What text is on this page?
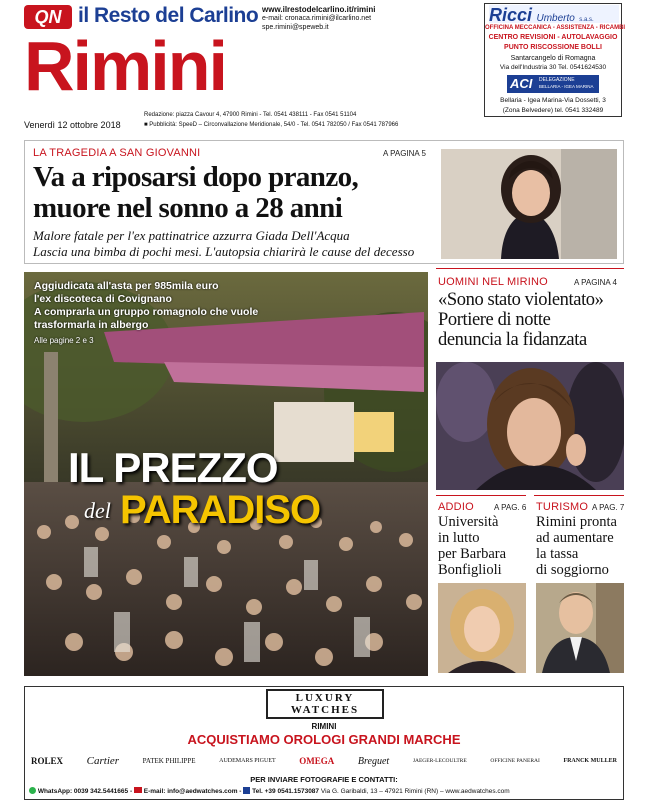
QN il Resto del Carlino www.ilrestodelcarlino.it/rimini
e-mail: cronaca.rimini@ilcarlino.net
spe.rimini@speweb.it
Rimini
Venerdì 12 ottobre 2018
Redazione: piazza Cavour 4, 47900 Rimini - Tel. 0541 438111 - Fax 0541 51104
■ Pubblicità: SpeeD – Circonvallazione Meridionale, 54/0 - Tel. 0541 782050 / Fax 0541 787966
Ricci Umberto s.a.s.
OFFICINA MECCANICA - ASSISTENZA - RICAMBI
CENTRO REVISIONI - AUTOLAVAGGIO
PUNTO RISCOSSIONE BOLLI
Santarcangelo di Romagna
Via dell'Industria 30 Tel. 0541624530
ACI DELEGAZIONE
BELLARIA - IGEA MARINA
Bellaria - Igea Marina-Via Dossetti, 3
(Zona Belvedere) tel. 0541 332489
LA TRAGEDIA A SAN GIOVANNI	A PAGINA 5
Va a riposarsi dopo pranzo,
muore nel sonno a 28 anni
Malore fatale per l'ex pattinatrice azzurra Giada Dell'Acqua
Lascia una bimba di pochi mesi. L'autopsia chiarirà le cause del decesso
Aggiudicata all'asta per 985mila euro
l'ex discoteca di Covignano
A comprarla un gruppo romagnolo che vuole
trasformarla in albergo
Alle pagine 2 e 3
IL PREZZO
del PARADISO
UOMINI NEL MIRINO	A PAGINA 4
«Sono stato violentato»
Portiere di notte
denuncia la fidanzata
ADDIO	A PAG. 6
Università
in lutto
per Barbara
Bonfiglioli
TURISMO A PAG. 7
Rimini pronta
ad aumentare
la tassa
di soggiorno
LUXURY
WATCHES
RIMINI
ACQUISTIAMO OROLOGI GRANDI MARCHE
ROLEX Cartier	PATEK PHILIPPE	AUDEMARS PIGUET	OMEGA Breguet	JAEGER-LECOULTRE	OFFICINE PANERAI	FRANCK MULLER
PER INVIARE FOTOGRAFIE E CONTATTI:
WhatsApp: 0039 342.5441665 - E-mail: info@aedwatches.com - Tel. +39 0541.1573087 Via G. Garibaldi, 13 – 47921 Rimini (RN) – www.aedwatches.com
